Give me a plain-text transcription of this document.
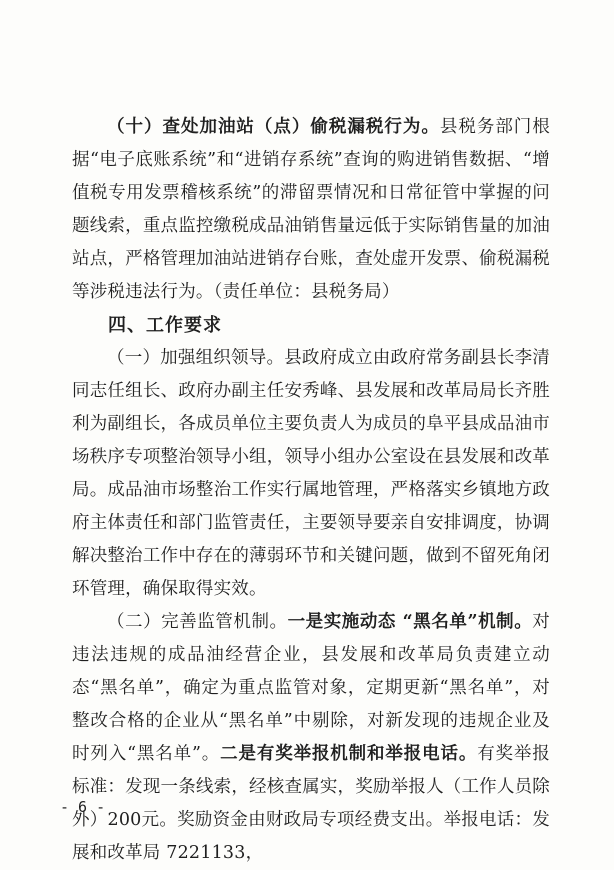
（十）查处加油站（点）偷税漏税行为。县税务部门根据“电子底账系统”和“进销存系统”查询的购进销售数据、“增值税专用发票稽核系统”的滞留票情况和日常征管中掌握的问题线索，重点监控缴税成品油销售量远低于实际销售量的加油站点，严格管理加油站进销存台账，查处虚开发票、偷税漏税等涉税违法行为。（责任单位：县税务局）

四、工作要求

（一）加强组织领导。县政府成立由政府常务副县长李清同志任组长、政府办副主任安秀峰、县发展和改革局局长齐胜利为副组长，各成员单位主要负责人为成员的阜平县成品油市场秩序专项整治领导小组，领导小组办公室设在县发展和改革局。成品油市场整治工作实行属地管理，严格落实乡镇地方政府主体责任和部门监管责任，主要领导要亲自安排调度，协调解决整治工作中存在的薄弱环节和关键问题，做到不留死角闭环管理，确保取得实效。

（二）完善监管机制。一是实施动态 “黑名单”机制。对违法违规的成品油经营企业，县发展和改革局负责建立动态“黑名单”，确定为重点监管对象，定期更新“黑名单”，对整改合格的企业从“黑名单”中剔除，对新发现的违规企业及时列入“黑名单”。二是有奖举报机制和举报电话。有奖举报标准：发现一条线索，经核查属实，奖励举报人（工作人员除外）200元。奖励资金由财政局专项经费支出。举报电话：发展和改革局 7221133，

- 6 -
